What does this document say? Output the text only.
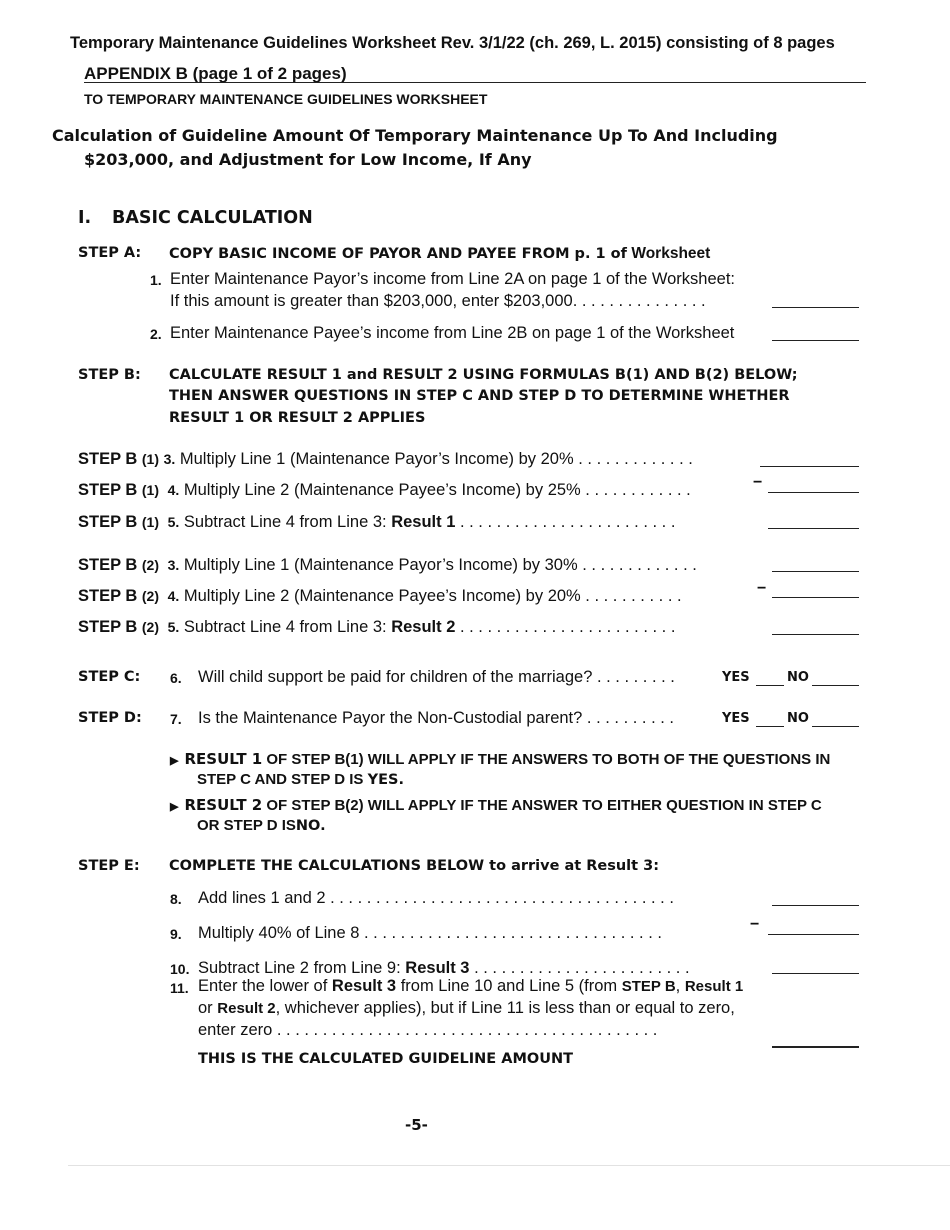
Temporary Maintenance Guidelines Worksheet Rev. 3/1/22 (ch. 269, L. 2015) consisting of 8 pages
APPENDIX B (page 1 of 2 pages)
TO TEMPORARY MAINTENANCE GUIDELINES WORKSHEET
Calculation of Guideline Amount Of Temporary Maintenance Up To And Including
$203,000, and Adjustment for Low Income, If Any
I. BASIC CALCULATION
STEP A: COPY BASIC INCOME OF PAYOR AND PAYEE FROM p. 1 of Worksheet
1. Enter Maintenance Payor’s income from Line 2A on page 1 of the Worksheet:
If this amount is greater than $203,000, enter $203,000. . . . . . . . . . . . . . .
2. Enter Maintenance Payee’s income from Line 2B on page 1 of the Worksheet
STEP B: CALCULATE RESULT 1 and RESULT 2 USING FORMULAS B(1) AND B(2) BELOW;
THEN ANSWER QUESTIONS IN STEP C AND STEP D TO DETERMINE WHETHER
RESULT 1 OR RESULT 2 APPLIES
STEP B (1) 3. Multiply Line 1 (Maintenance Payor’s Income) by 20% . . . . . . . . . . . . .
STEP B (1) 4. Multiply Line 2 (Maintenance Payee’s Income) by 25% . . . . . . . . . . . .	−
STEP B (1) 5. Subtract Line 4 from Line 3: Result 1 . . . . . . . . . . . . . . . . . . . . . . . .
STEP B (2) 3. Multiply Line 1 (Maintenance Payor’s Income) by 30% . . . . . . . . . . . . .
STEP B (2) 4. Multiply Line 2 (Maintenance Payee’s Income) by 20% . . . . . . . . . . .	−
STEP B (2) 5. Subtract Line 4 from Line 3: Result 2 . . . . . . . . . . . . . . . . . . . . . . . .
STEP C: 6. Will child support be paid for children of the marriage? . . . . . . . . .	YES	NO
STEP D: 7. Is the Maintenance Payor the Non-Custodial parent? . . . . . . . . . .	YES	NO
▶ RESULT 1 OF STEP B(1) WILL APPLY IF THE ANSWERS TO BOTH OF THE QUESTIONS IN
STEP C AND STEP D IS YES.
▶ RESULT 2 OF STEP B(2) WILL APPLY IF THE ANSWER TO EITHER QUESTION IN STEP C
OR STEP D ISNO.
STEP E: COMPLETE THE CALCULATIONS BELOW to arrive at Result 3:
8. Add lines 1 and 2 . . . . . . . . . . . . . . . . . . . . . . . . . . . . . . . . . . . . . .
9. Multiply 40% of Line 8 . . . . . . . . . . . . . . . . . . . . . . . . . . . . . . . . .	−
10. Subtract Line 2 from Line 9: Result 3 . . . . . . . . . . . . . . . . . . . . . . . .
11. Enter the lower of Result 3 from Line 10 and Line 5 (from STEP B, Result 1
or Result 2, whichever applies), but if Line 11 is less than or equal to zero,
enter zero . . . . . . . . . . . . . . . . . . . . . . . . . . . . . . . . . . . . . . . . . .
THIS IS THE CALCULATED GUIDELINE AMOUNT
-5-
